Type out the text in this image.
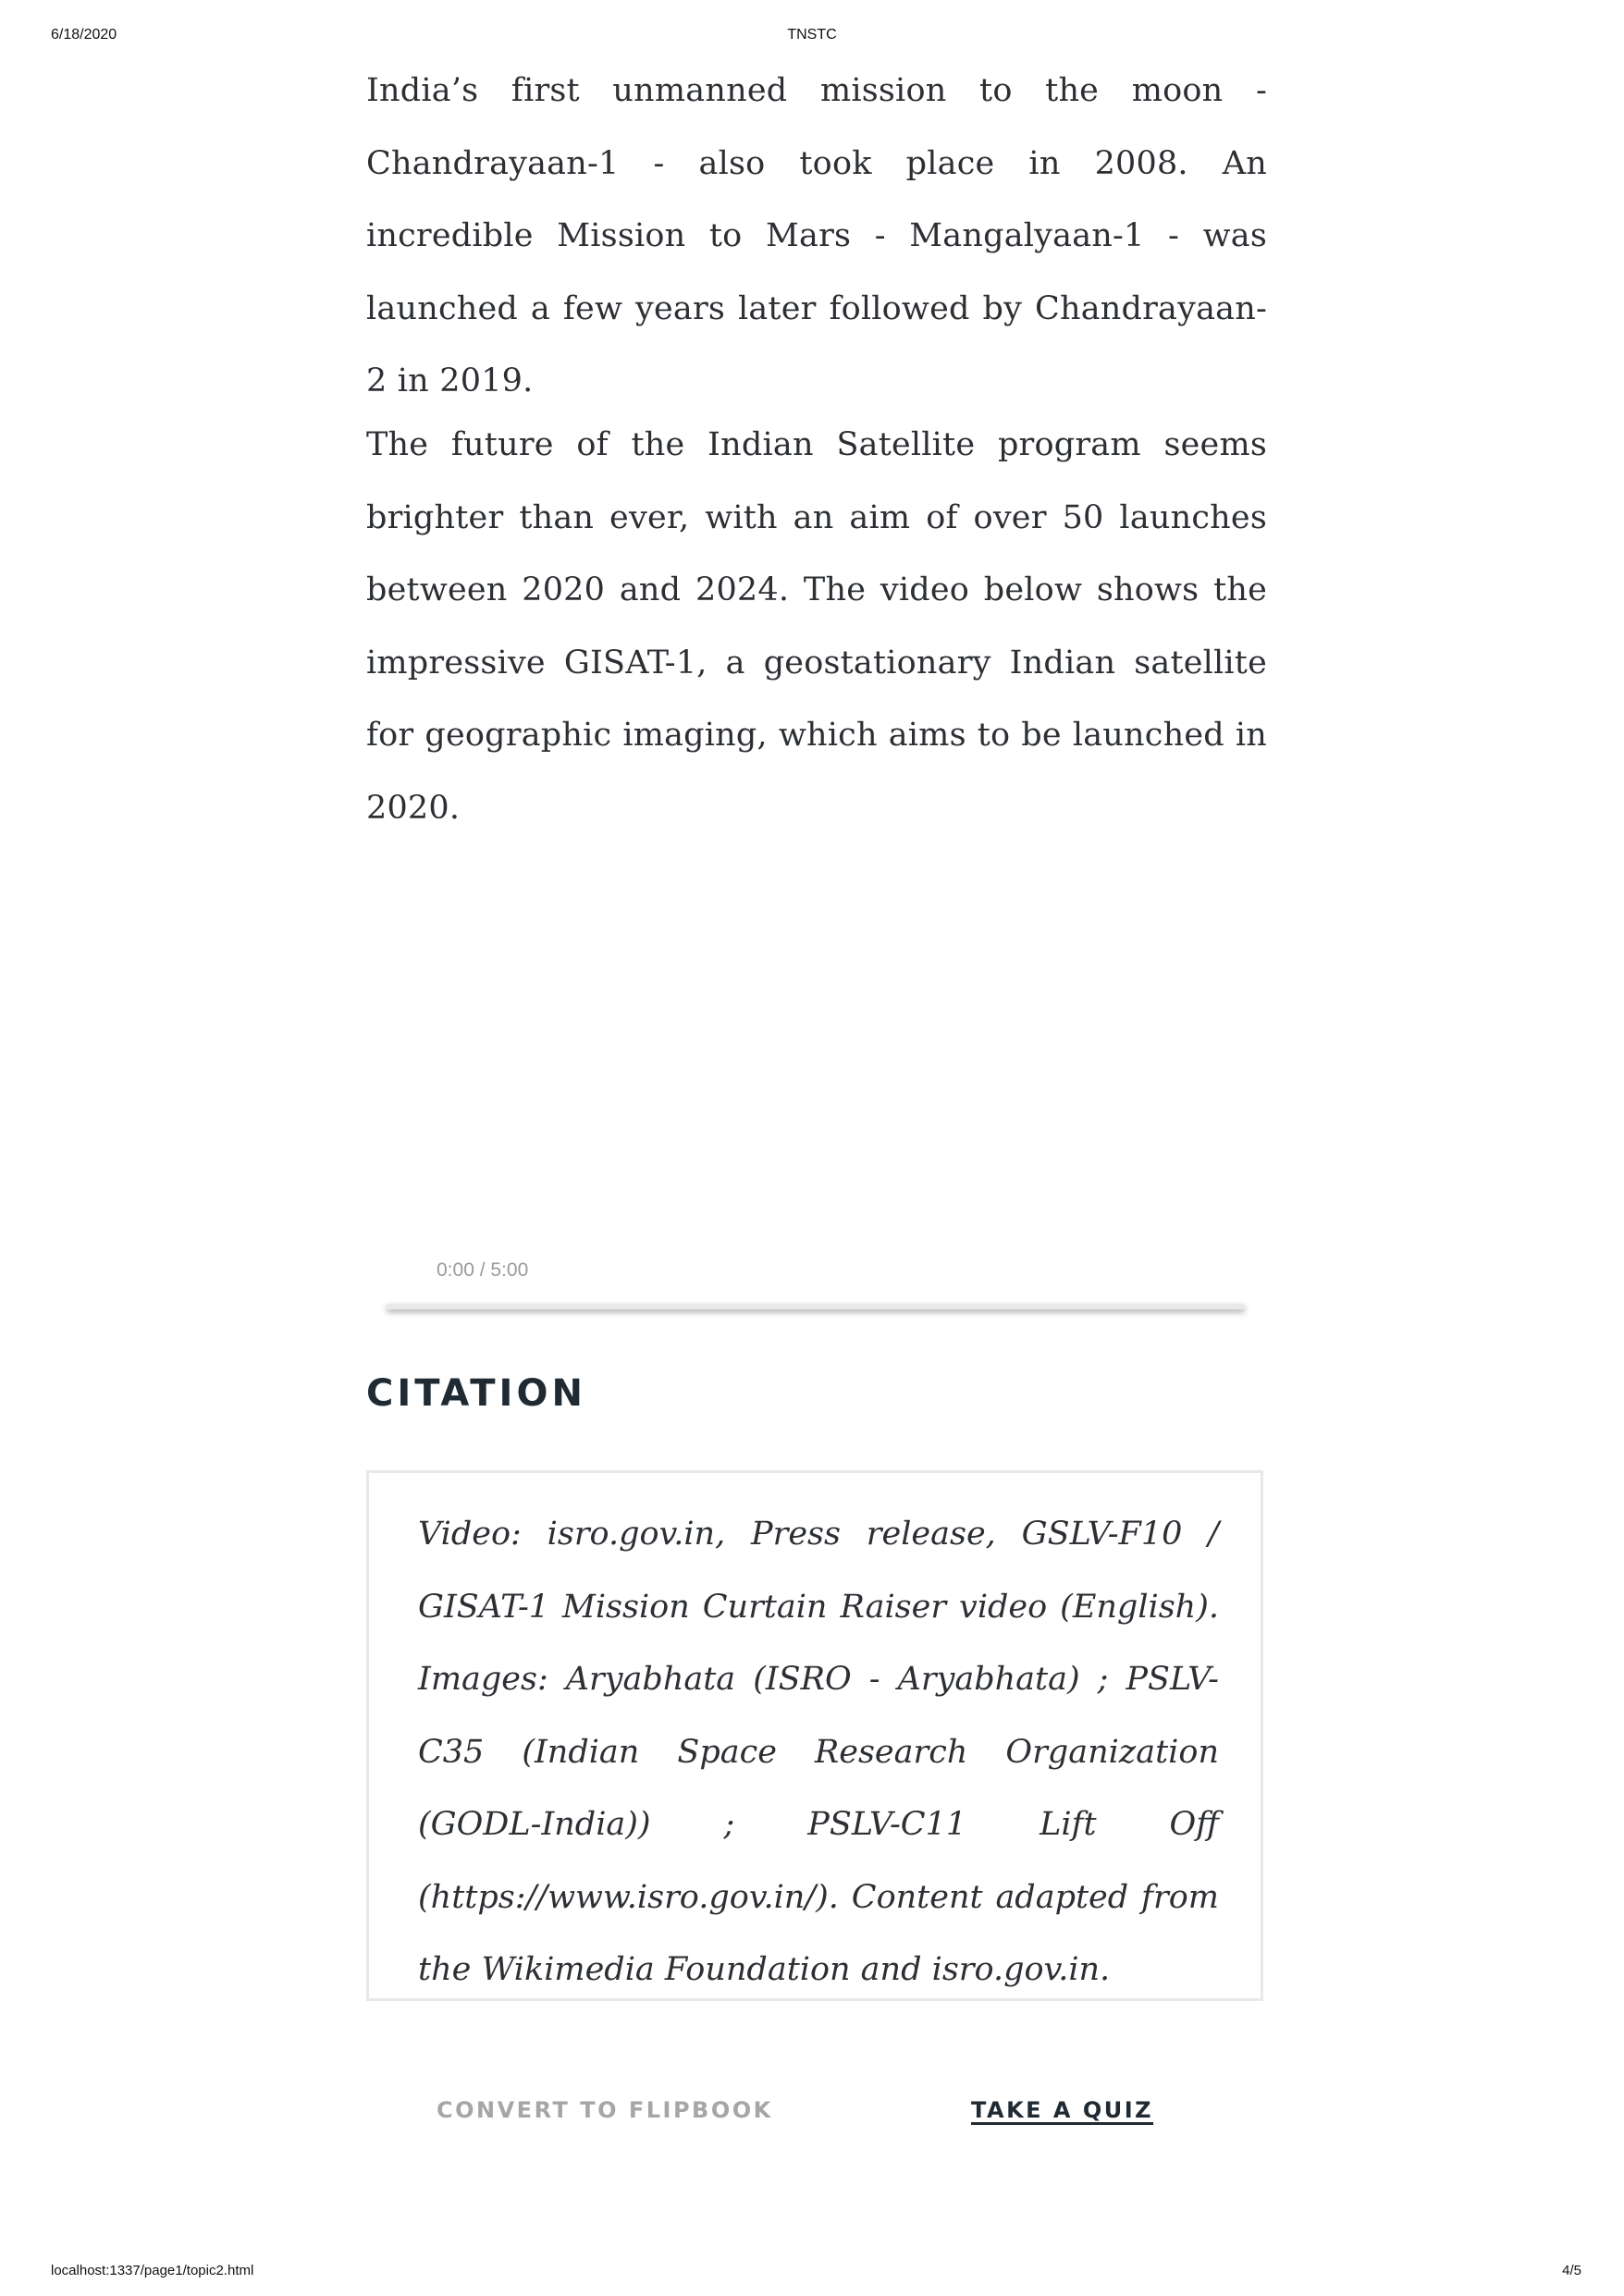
6/18/2020	TNSTC

India’s first unmanned mission to the moon - Chandrayaan-1 - also took place in 2008. An incredible Mission to Mars - Mangalyaan-1 - was launched a few years later followed by Chandrayaan-2 in 2019.

The future of the Indian Satellite program seems brighter than ever, with an aim of over 50 launches between 2020 and 2024. The video below shows the impressive GISAT-1, a geostationary Indian satellite for geographic imaging, which aims to be launched in 2020.

0:00 / 5:00
CITATION

Video: isro.gov.in, Press release, GSLV-F10 / GISAT-1 Mission Curtain Raiser video (English). Images: Aryabhata (ISRO - Aryabhata) ; PSLV-C35 (Indian Space Research Organization (GODL-India)) ; PSLV-C11 Lift Off (https://www.isro.gov.in/). Content adapted from the Wikimedia Foundation and isro.gov.in.

CONVERT TO FLIPBOOK	TAKE A QUIZ
localhost:1337/page1/topic2.html	4/5
